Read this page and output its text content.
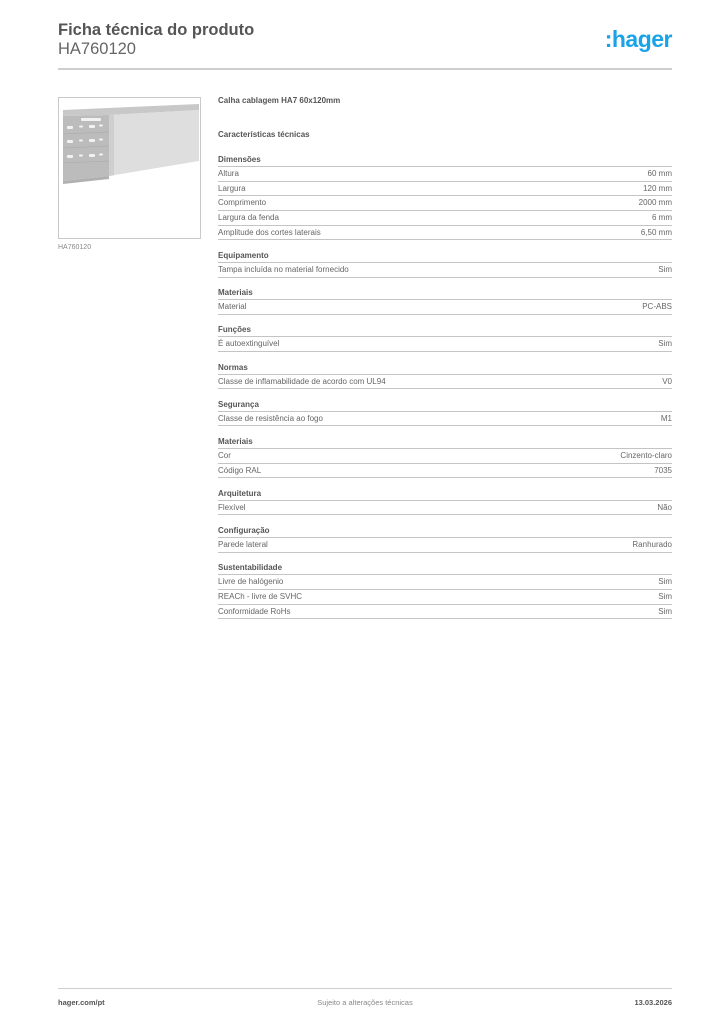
Ficha técnica do produto
HA760120	:hager
HA760120
Calha cablagem HA7 60x120mm
Características técnicas
Dimensões
Altura	60 mm
Largura	120 mm
Comprimento	2000 mm
Largura da fenda	6 mm
Amplitude dos cortes laterais	6,50 mm
Equipamento
Tampa incluída no material fornecido	Sim
Materiais
Material	PC-ABS
Funções
É autoextinguível	Sim
Normas
Classe de inflamabilidade de acordo com UL94	V0
Segurança
Classe de resistência ao fogo	M1
Materiais
Cor	Cinzento-claro
Código RAL	7035
Arquitetura
Flexível	Não
Configuração
Parede lateral	Ranhurado
Sustentabilidade
Livre de halógenio	Sim
REACh - livre de SVHC	Sim
Conformidade RoHs	Sim
hager.com/pt	Sujeito a alterações técnicas	13.03.2026
